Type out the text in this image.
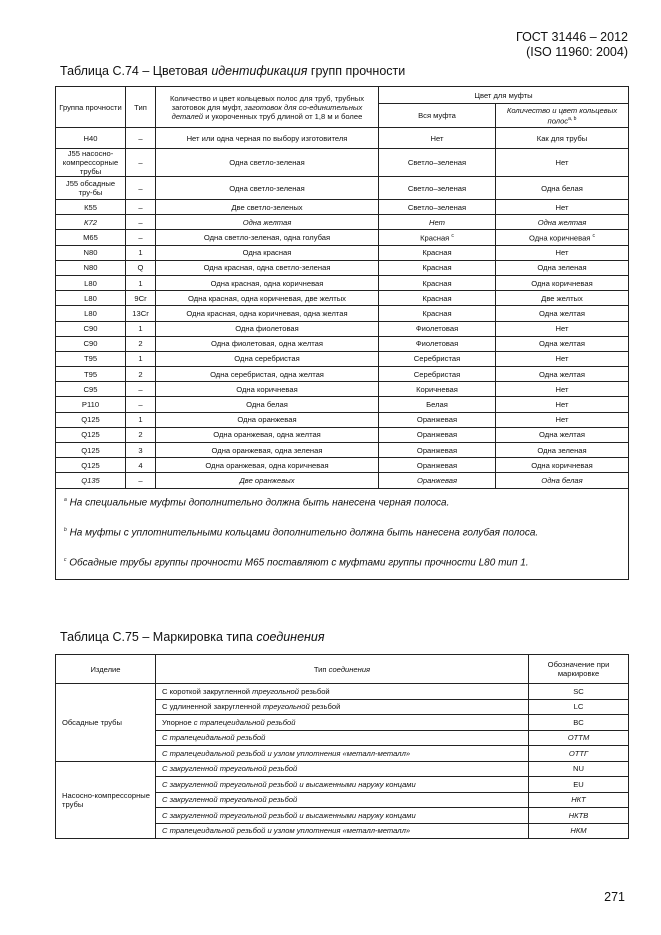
ГОСТ 31446 – 2012
(ISO 11960: 2004)
Таблица С.74 – Цветовая идентификация групп прочности
Группа прочности	Тип	Количество и цвет кольцевых полос для труб, трубных заготовок для муфт, заготовок для со-единительных деталей и укороченных труб длиной от 1,8 м и более	Цвет для муфты	
			Вся муфта	Количество и цвет кольцевых полос$^{a, b}$
Н40	–	Нет или одна черная по выбору изготовителя	Нет	Как для трубы
J55 насосно-компрессорные трубы	–	Одна светло-зеленая	Светло–зеленая	Нет
J55 обсадные тру-бы	–	Одна светло-зеленая	Светло–зеленая	Одна белая
К55	–	Две светло-зеленых	Светло–зеленая	Нет
К72	–	Одна желтая	Нет	Одна желтая
М65	–	Одна светло-зеленая, одна голубая	Красная $^c$	Одна коричневая $^c$
N80	1	Одна красная	Красная	Нет
N80	Q	Одна красная, одна светло-зеленая	Красная	Одна зеленая
L80	1	Одна красная, одна коричневая	Красная	Одна коричневая
L80	9Cr	Одна красная, одна коричневая, две желтых	Красная	Две желтых
L80	13Cr	Одна красная, одна коричневая, одна желтая	Красная	Одна желтая
С90	1	Одна фиолетовая	Фиолетовая	Нет
С90	2	Одна фиолетовая, одна желтая	Фиолетовая	Одна желтая
Т95	1	Одна серебристая	Серебристая	Нет
Т95	2	Одна серебристая, одна желтая	Серебристая	Одна желтая
С95	–	Одна коричневая	Коричневая	Нет
Р110	–	Одна белая	Белая	Нет
Q125	1	Одна оранжевая	Оранжевая	Нет
Q125	2	Одна оранжевая, одна желтая	Оранжевая	Одна желтая
Q125	3	Одна оранжевая, одна зеленая	Оранжевая	Одна зеленая
Q125	4	Одна оранжевая, одна коричневая	Оранжевая	Одна коричневая
Q135	–	Две оранжевых	Оранжевая	Одна белая

$^a$ На специальные муфты дополнительно должна быть нанесена черная полоса.

$^b$ На муфты с уплотнительными кольцами дополнительно должна быть нанесена голубая полоса.

$^c$ Обсадные трубы группы прочности М65 поставляют с муфтами группы прочности L80 тип 1.				

Таблица С.75 – Маркировка типа соединения
Изделие	Тип соединения	Обозначение при маркировке
Обсадные трубы	С короткой закругленной треугольной резьбой	SC
	С удлиненной закругленной треугольной резьбой	LC
	Упорное с трапецеидальной резьбой	BC
	С трапецеидальной резьбой	ОТТМ
	С трапецеидальной резьбой и узлом уплотнения «металл-металл»	ОТТГ
Насосно-компрессорные трубы	С закругленной треугольной резьбой	NU
	С закругленной треугольной резьбой и высаженными наружу концами	EU
	С закругленной треугольной резьбой	НКТ
	С закругленной треугольной резьбой и высаженными наружу концами	НКТВ
	С трапецеидальной резьбой и узлом уплотнения «металл-металл»	НКМ
271
